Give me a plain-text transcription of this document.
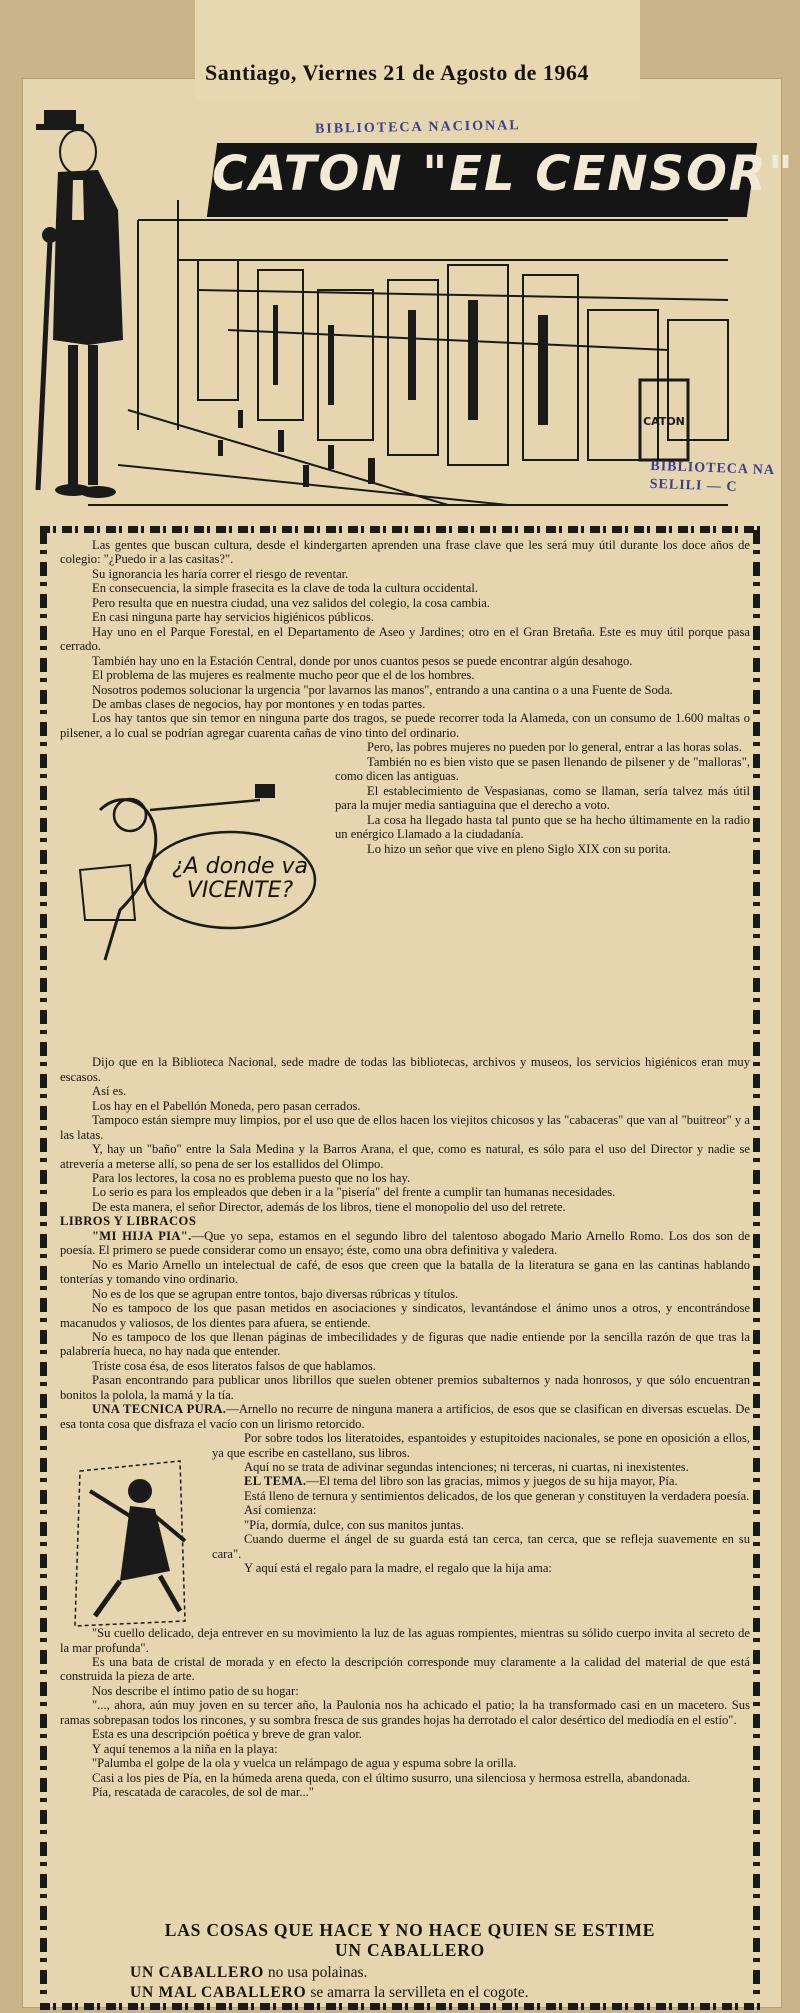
Santiago, Viernes 21 de Agosto de 1964
CATON
CATON "EL CENSOR"
BIBLIOTECA NACIONAL
BIBLIOTECA NA
SELILI — C

Las gentes que buscan cultura, desde el kindergarten aprenden una frase clave que les será muy útil durante los doce años de colegio: "¿Puedo ir a las casitas?".

Su ignorancia les haría correr el riesgo de reventar.

En consecuencia, la simple frasecita es la clave de toda la cultura occidental.

Pero resulta que en nuestra ciudad, una vez salidos del colegio, la cosa cambia.

En casi ninguna parte hay servicios higiénicos públicos.

Hay uno en el Parque Forestal, en el Departamento de Aseo y Jardines; otro en el Gran Bretaña. Este es muy útil porque pasa cerrado.

También hay uno en la Estación Central, donde por unos cuantos pesos se puede encontrar algún desahogo.

El problema de las mujeres es realmente mucho peor que el de los hombres.

Nosotros podemos solucionar la urgencia "por lavarnos las manos", entrando a una cantina o a una Fuente de Soda.

De ambas clases de negocios, hay por montones y en todas partes.

Los hay tantos que sin temor en ninguna parte dos tragos, se puede recorrer toda la Alameda, con un consumo de 1.600 maltas o pilsener, a lo cual se podrían agregar cuarenta cañas de vino tinto del ordinario.

¿A donde va VICENTE?

Pero, las pobres mujeres no pueden por lo general, entrar a las horas solas.

También no es bien visto que se pasen llenando de pilsener y de "malloras", como dicen las antiguas.

El establecimiento de Vespasianas, como se llaman, sería talvez más útil para la mujer media santiaguina que el derecho a voto.

La cosa ha llegado hasta tal punto que se ha hecho últimamente en la radio un enérgico Llamado a la ciudadanía.

Lo hizo un señor que vive en pleno Siglo XIX con su porita.

Dijo que en la Biblioteca Nacional, sede madre de todas las bibliotecas, archivos y museos, los servicios higiénicos eran muy escasos.

Así es.

Los hay en el Pabellón Moneda, pero pasan cerrados.

Tampoco están siempre muy limpios, por el uso que de ellos hacen los viejitos chicosos y las "cabaceras" que van al "buitreor" y a las latas.

Y, hay un "baño" entre la Sala Medina y la Barros Arana, el que, como es natural, es sólo para el uso del Director y nadie se atrevería a meterse allí, so pena de ser los estallidos del Olimpo.

Para los lectores, la cosa no es problema puesto que no los hay.

Lo serio es para los empleados que deben ir a la "pisería" del frente a cumplir tan humanas necesidades.

De esta manera, el señor Director, además de los libros, tiene el monopolio del uso del retrete.

LIBROS Y LIBRACOS

"MI HIJA PIA".—Que yo sepa, estamos en el segundo libro del talentoso abogado Mario Arnello Romo. Los dos son de poesía. El primero se puede considerar como un ensayo; éste, como una obra definitiva y valedera.

No es Mario Arnello un intelectual de café, de esos que creen que la batalla de la literatura se gana en las cantinas hablando tonterías y tomando vino ordinario.

No es de los que se agrupan entre tontos, bajo diversas rúbricas y títulos.

No es tampoco de los que pasan metidos en asociaciones y sindicatos, levantándose el ánimo unos a otros, y encontrándose macanudos y valiosos, de los dientes para afuera, se entiende.

No es tampoco de los que llenan páginas de imbecilidades y de figuras que nadie entiende por la sencilla razón de que tras la palabrería hueca, no hay nada que entender.

Triste cosa ésa, de esos literatos falsos de que hablamos.

Pasan encontrando para publicar unos librillos que suelen obtener premios subalternos y nada honrosos, y que sólo encuentran bonitos la polola, la mamá y la tía.

UNA TECNICA PURA.—Arnello no recurre de ninguna manera a artificios, de esos que se clasifican en diversas escuelas. De esa tonta cosa que disfraza el vacío con un lirismo retorcido.

Por sobre todos los literatoides, espantoides y estupitoides nacionales, se pone en oposición a ellos, ya que escribe en castellano, sus libros.

Aquí no se trata de adivinar segundas intenciones; ni terceras, ni cuartas, ni inexistentes.

EL TEMA.—El tema del libro son las gracias, mimos y juegos de su hija mayor, Pía.

Está lleno de ternura y sentimientos delicados, de los que generan y constituyen la verdadera poesía.

Así comienza:

"Pía, dormía, dulce, con sus manitos juntas.

Cuando duerme el ángel de su guarda está tan cerca, tan cerca, que se refleja suavemente en su cara".

Y aquí está el regalo para la madre, el regalo que la hija ama:

"Su cuello delicado, deja entrever en su movimiento la luz de las aguas rompientes, mientras su sólido cuerpo invita al secreto de la mar profunda".

Es una bata de cristal de morada y en efecto la descripción corresponde muy claramente a la calidad del material de que está construida la pieza de arte.

Nos describe el íntimo patio de su hogar:

"..., ahora, aún muy joven en su tercer año, la Paulonia nos ha achicado el patio; la ha transformado casi en un macetero. Sus ramas sobrepasan todos los rincones, y su sombra fresca de sus grandes hojas ha derrotado el calor desértico del mediodía en el estío".

Esta es una descripción poética y breve de gran valor.

Y aquí tenemos a la niña en la playa:

"Palumba el golpe de la ola y vuelca un relámpago de agua y espuma sobre la orilla.

Casi a los pies de Pía, en la húmeda arena queda, con el último susurro, una silenciosa y hermosa estrella, abandonada.

Pía, rescatada de caracoles, de sol de mar..."

LAS COSAS QUE HACE Y NO HACE QUIEN SE ESTIME
UN CABALLERO
UN CABALLERO no usa polainas.
UN MAL CABALLERO se amarra la servilleta en el cogote.
